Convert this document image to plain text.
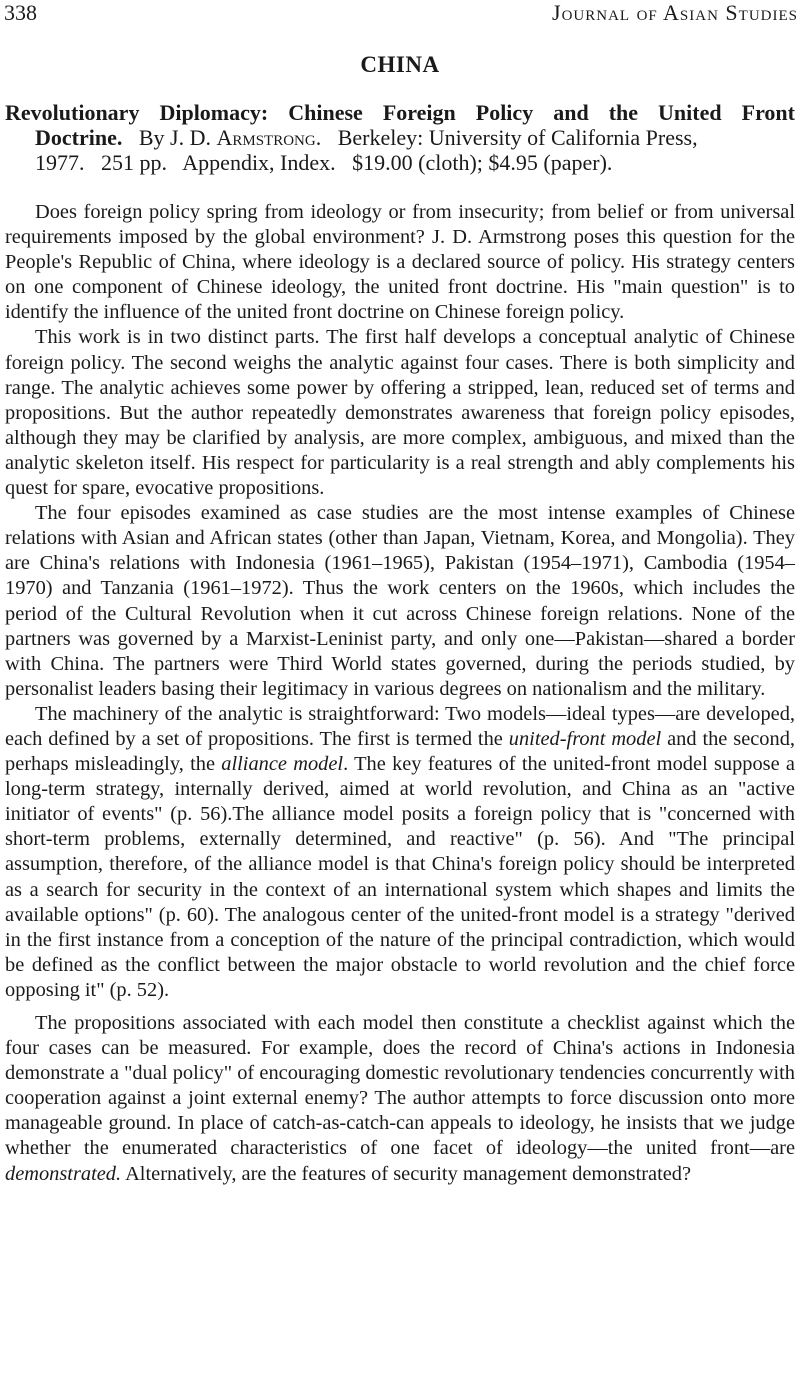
338	Journal of Asian Studies
CHINA
Revolutionary Diplomacy: Chinese Foreign Policy and the United Front
Doctrine. By J. D. Armstrong.   Berkeley: University of California Press,
1977.   251 pp.   Appendix, Index.   $19.00 (cloth); $4.95 (paper).

Does foreign policy spring from ideology or from insecurity; from belief or from universal requirements imposed by the global environment? J. D. Armstrong poses this question for the People's Republic of China, where ideology is a declared source of policy. His strategy centers on one component of Chinese ideology, the united front doctrine. His "main question" is to identify the influence of the united front doctrine on Chinese foreign policy.

This work is in two distinct parts. The first half develops a conceptual analytic of Chinese foreign policy. The second weighs the analytic against four cases. There is both simplicity and range. The analytic achieves some power by offering a stripped, lean, reduced set of terms and propositions. But the author repeatedly demonstrates awareness that foreign policy episodes, although they may be clarified by analysis, are more complex, ambiguous, and mixed than the analytic skeleton itself. His respect for particularity is a real strength and ably complements his quest for spare, evocative propositions.

The four episodes examined as case studies are the most intense examples of Chinese relations with Asian and African states (other than Japan, Vietnam, Korea, and Mongolia). They are China's relations with Indonesia (1961–1965), Pakistan (1954–1971), Cambodia (1954–1970) and Tanzania (1961–1972). Thus the work centers on the 1960s, which includes the period of the Cultural Revolution when it cut across Chinese foreign relations. None of the partners was governed by a Marxist-Leninist party, and only one—Pakistan—shared a border with China. The partners were Third World states governed, during the periods studied, by personalist leaders basing their legitimacy in various degrees on nationalism and the military.

The machinery of the analytic is straightforward: Two models—ideal types—are developed, each defined by a set of propositions. The first is termed the united-front model and the second, perhaps misleadingly, the alliance model. The key features of the united-front model suppose a long-term strategy, internally derived, aimed at world revolution, and China as an "active initiator of events" (p. 56).The alliance model posits a foreign policy that is "concerned with short-term problems, externally determined, and reactive" (p. 56). And "The principal assumption, therefore, of the alliance model is that China's foreign policy should be interpreted as a search for security in the context of an international system which shapes and limits the available options" (p. 60). The analogous center of the united-front model is a strategy "derived in the first instance from a conception of the nature of the principal contradiction, which would be defined as the conflict between the major obstacle to world revolution and the chief force opposing it" (p. 52).

The propositions associated with each model then constitute a checklist against which the four cases can be measured. For example, does the record of China's actions in Indonesia demonstrate a "dual policy" of encouraging domestic revolutionary tendencies concurrently with cooperation against a joint external enemy? The author attempts to force discussion onto more manageable ground. In place of catch-as-catch-can appeals to ideology, he insists that we judge whether the enumerated characteristics of one facet of ideology—the united front—are demonstrated. Alternatively, are the features of security management demonstrated?
